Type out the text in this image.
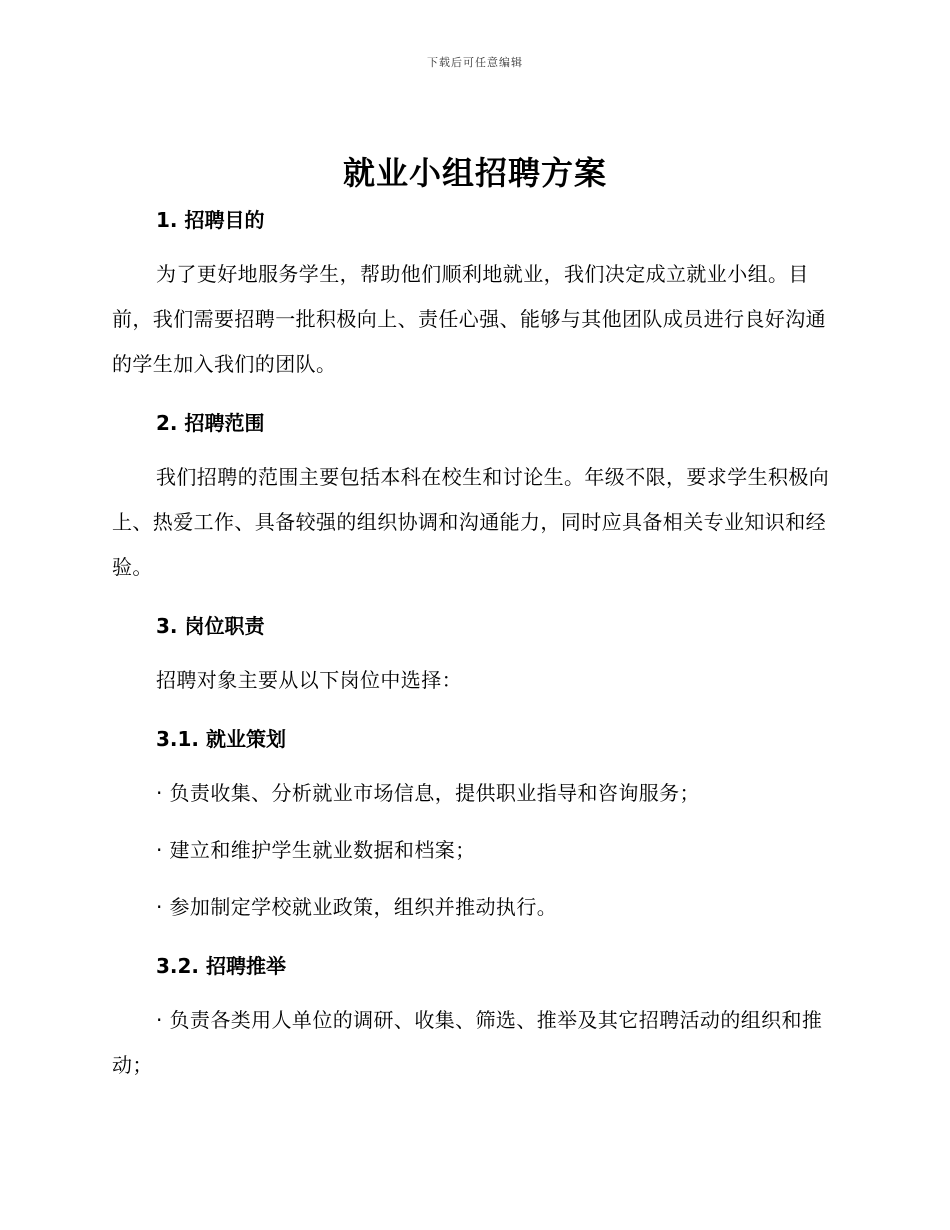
下载后可任意编辑
就业小组招聘方案
1. 招聘目的

为了更好地服务学生，帮助他们顺利地就业，我们决定成立就业小组。目前，我们需要招聘一批积极向上、责任心强、能够与其他团队成员进行良好沟通的学生加入我们的团队。

2. 招聘范围

我们招聘的范围主要包括本科在校生和讨论生。年级不限，要求学生积极向上、热爱工作、具备较强的组织协调和沟通能力，同时应具备相关专业知识和经验。

3. 岗位职责

招聘对象主要从以下岗位中选择：

3.1. 就业策划

· 负责收集、分析就业市场信息，提供职业指导和咨询服务；

· 建立和维护学生就业数据和档案；

· 参加制定学校就业政策，组织并推动执行。

3.2. 招聘推举

· 负责各类用人单位的调研、收集、筛选、推举及其它招聘活动的组织和推动；
